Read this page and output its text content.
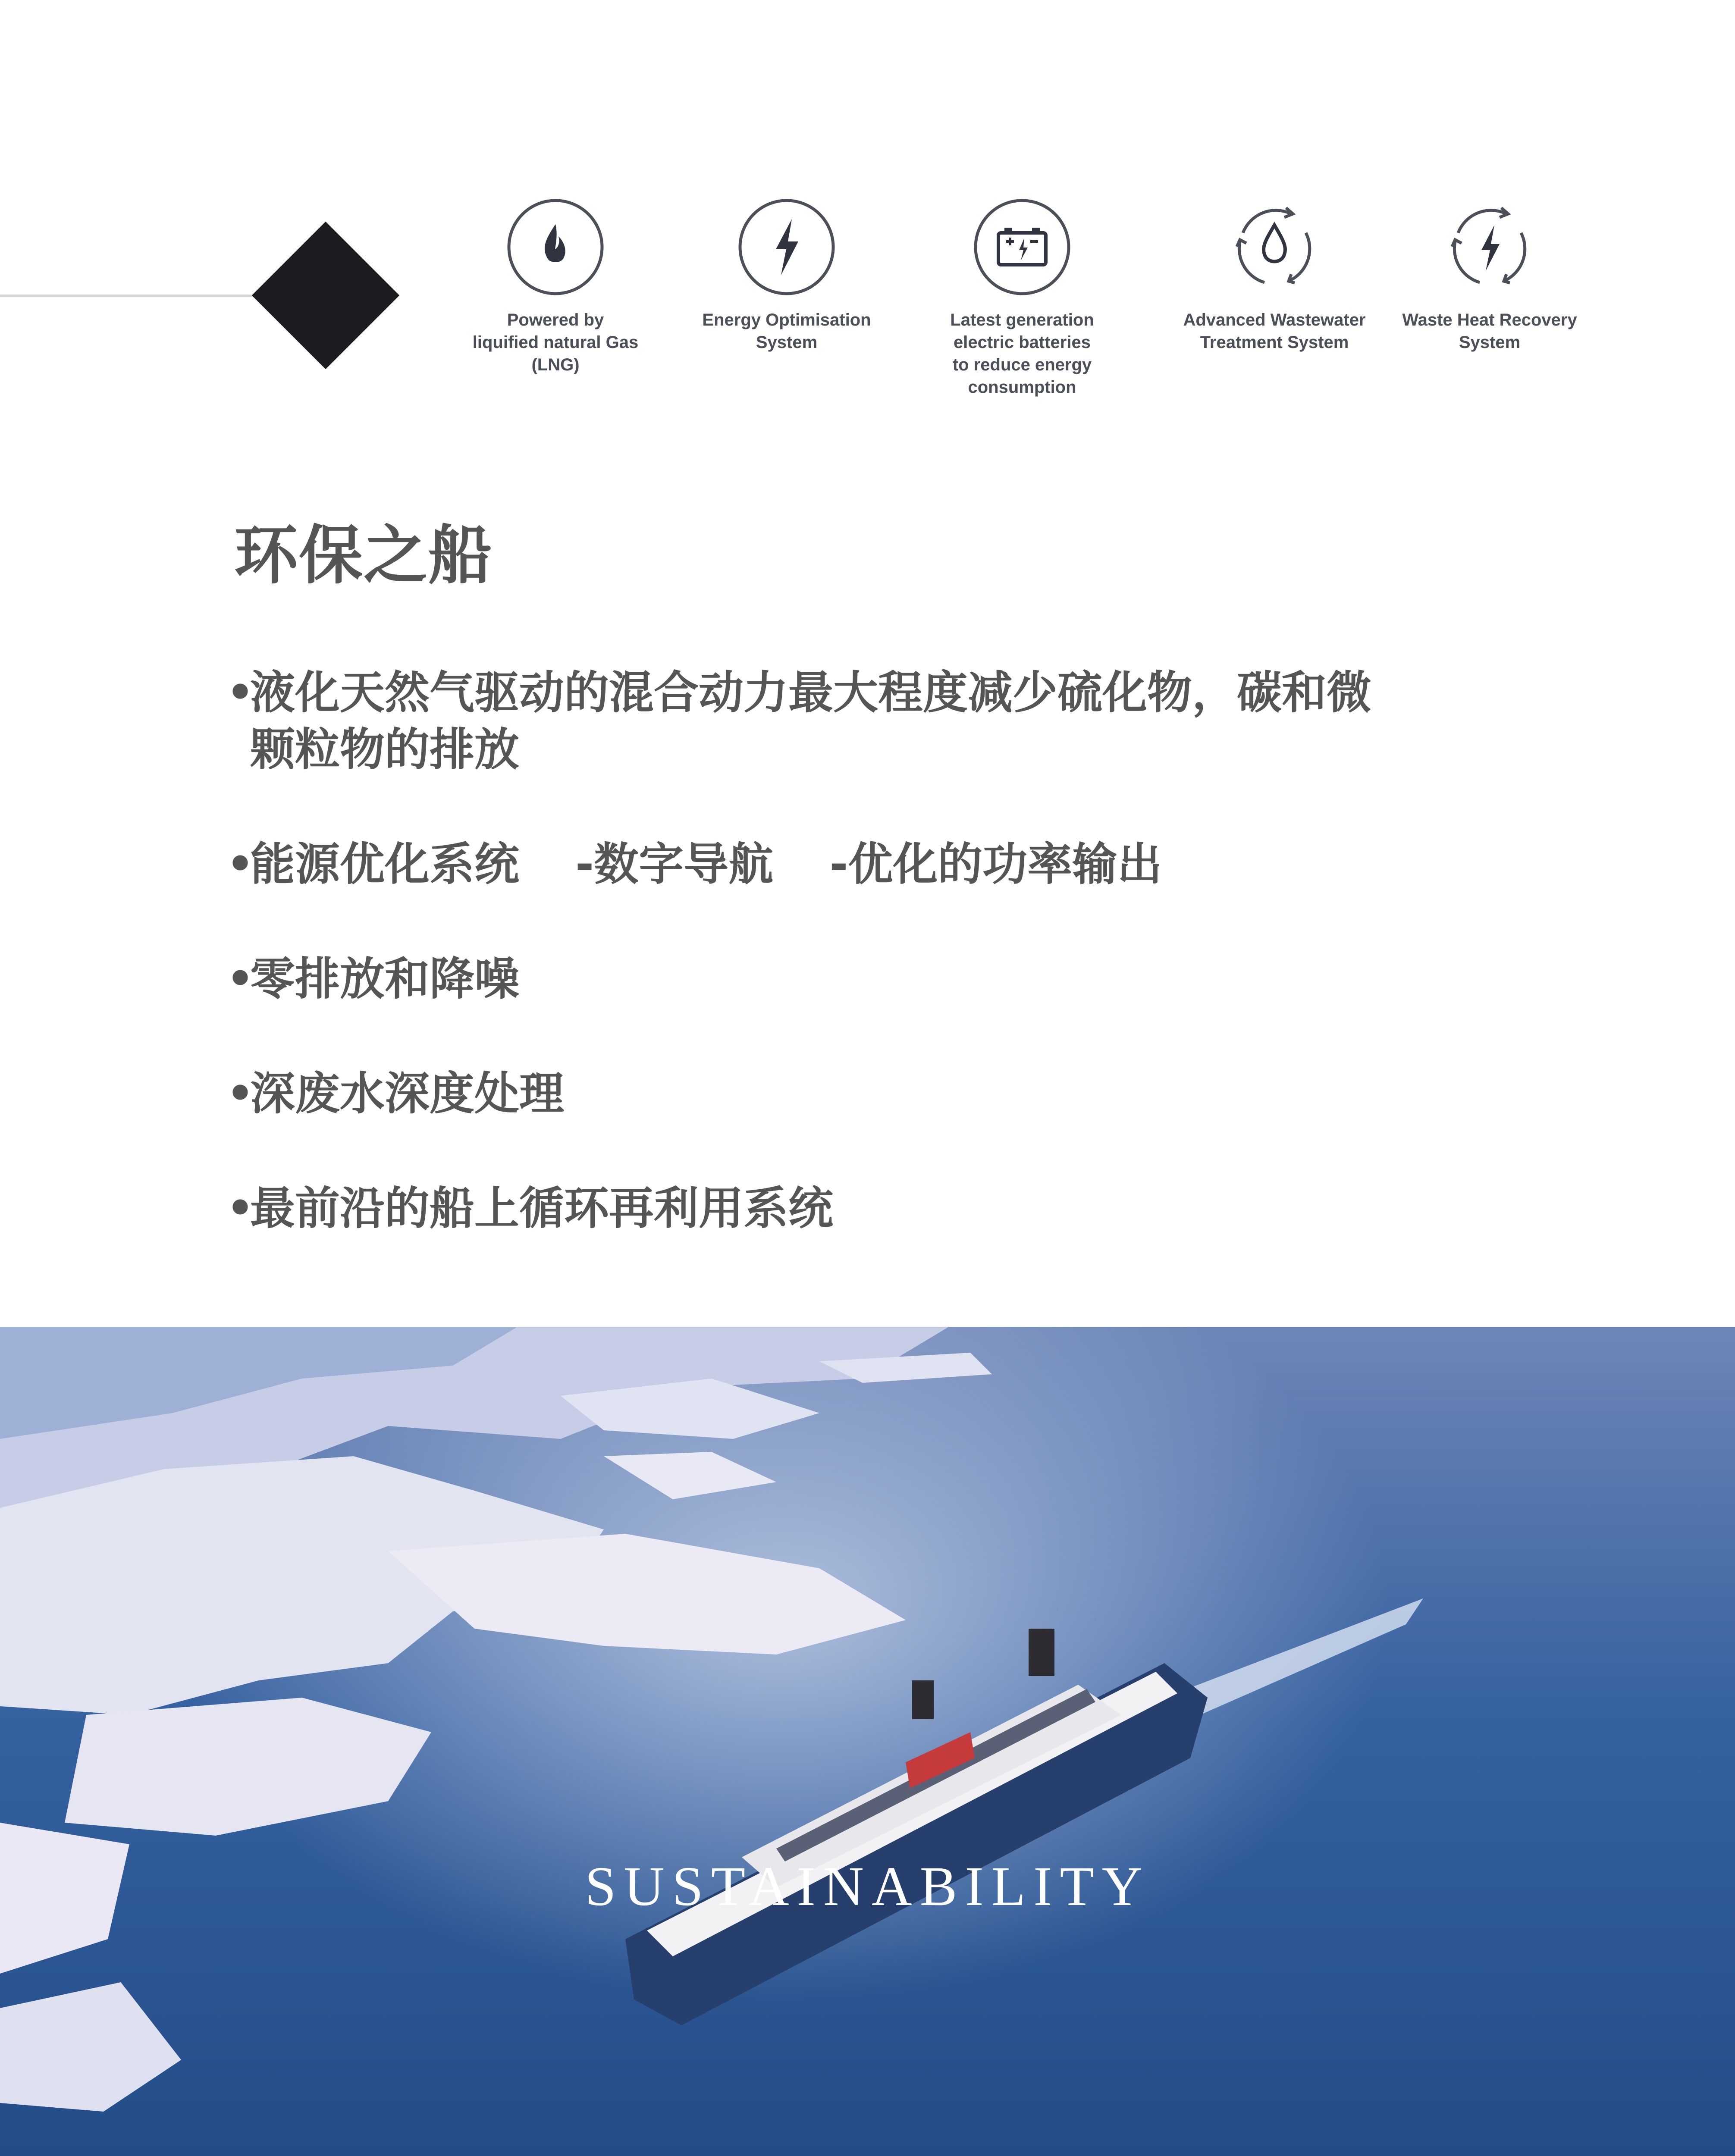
Powered by
liquified natural Gas
(LNG)
Energy Optimisation
System
Latest generation
electric batteries
to reduce energy
consumption
Advanced Wastewater
Treatment System
Waste Heat Recovery
System
环保之船
•
液化天然气驱动的混合动力最大程度减少硫化物，碳和微
颗粒物的排放
•
能源优化系统 -数字导航 -优化的功率输出
•
零排放和降噪
•
深废水深度处理
•
最前沿的船上循环再利用系统
SUSTAINABILITY
